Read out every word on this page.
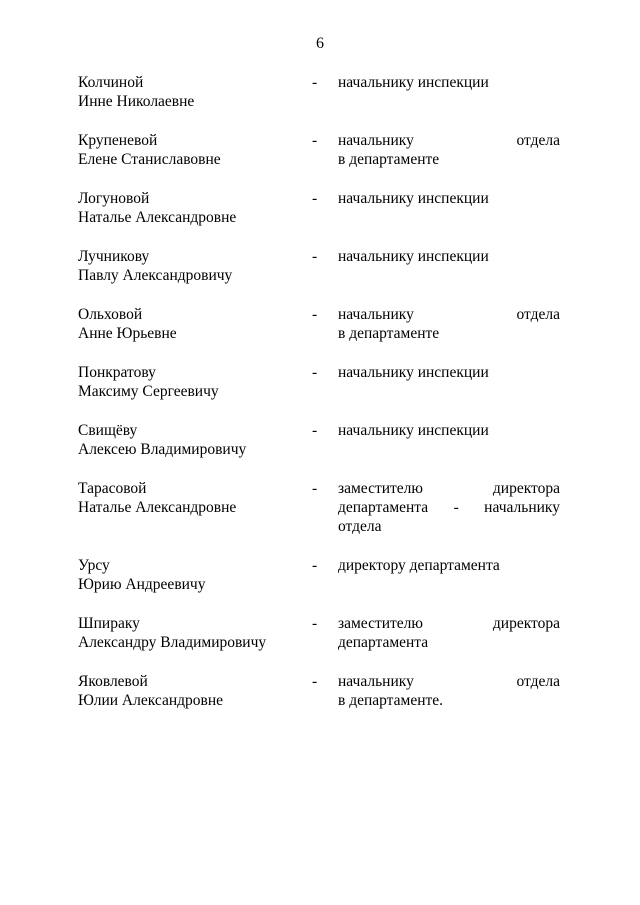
6
Колчиной
Инне Николаевне
- начальнику инспекции
Крупеневой
Елене Станиславовне
- начальнику отдела
в департаменте
Логуновой
Наталье Александровне
- начальнику инспекции
Лучникову
Павлу Александровичу
- начальнику инспекции
Ольховой
Анне Юрьевне
- начальнику отдела
в департаменте
Понкратову
Максиму Сергеевичу
- начальнику инспекции
Свищёву
Алексею Владимировичу
- начальнику инспекции
Тарасовой
Наталье Александровне
- заместителю директора
департамента - начальнику
отдела
Урсу
Юрию Андреевичу
- директору департамента
Шпираку
Александру Владимировичу
- заместителю директора
департамента
Яковлевой
Юлии Александровне
- начальнику отдела
в департаменте.
